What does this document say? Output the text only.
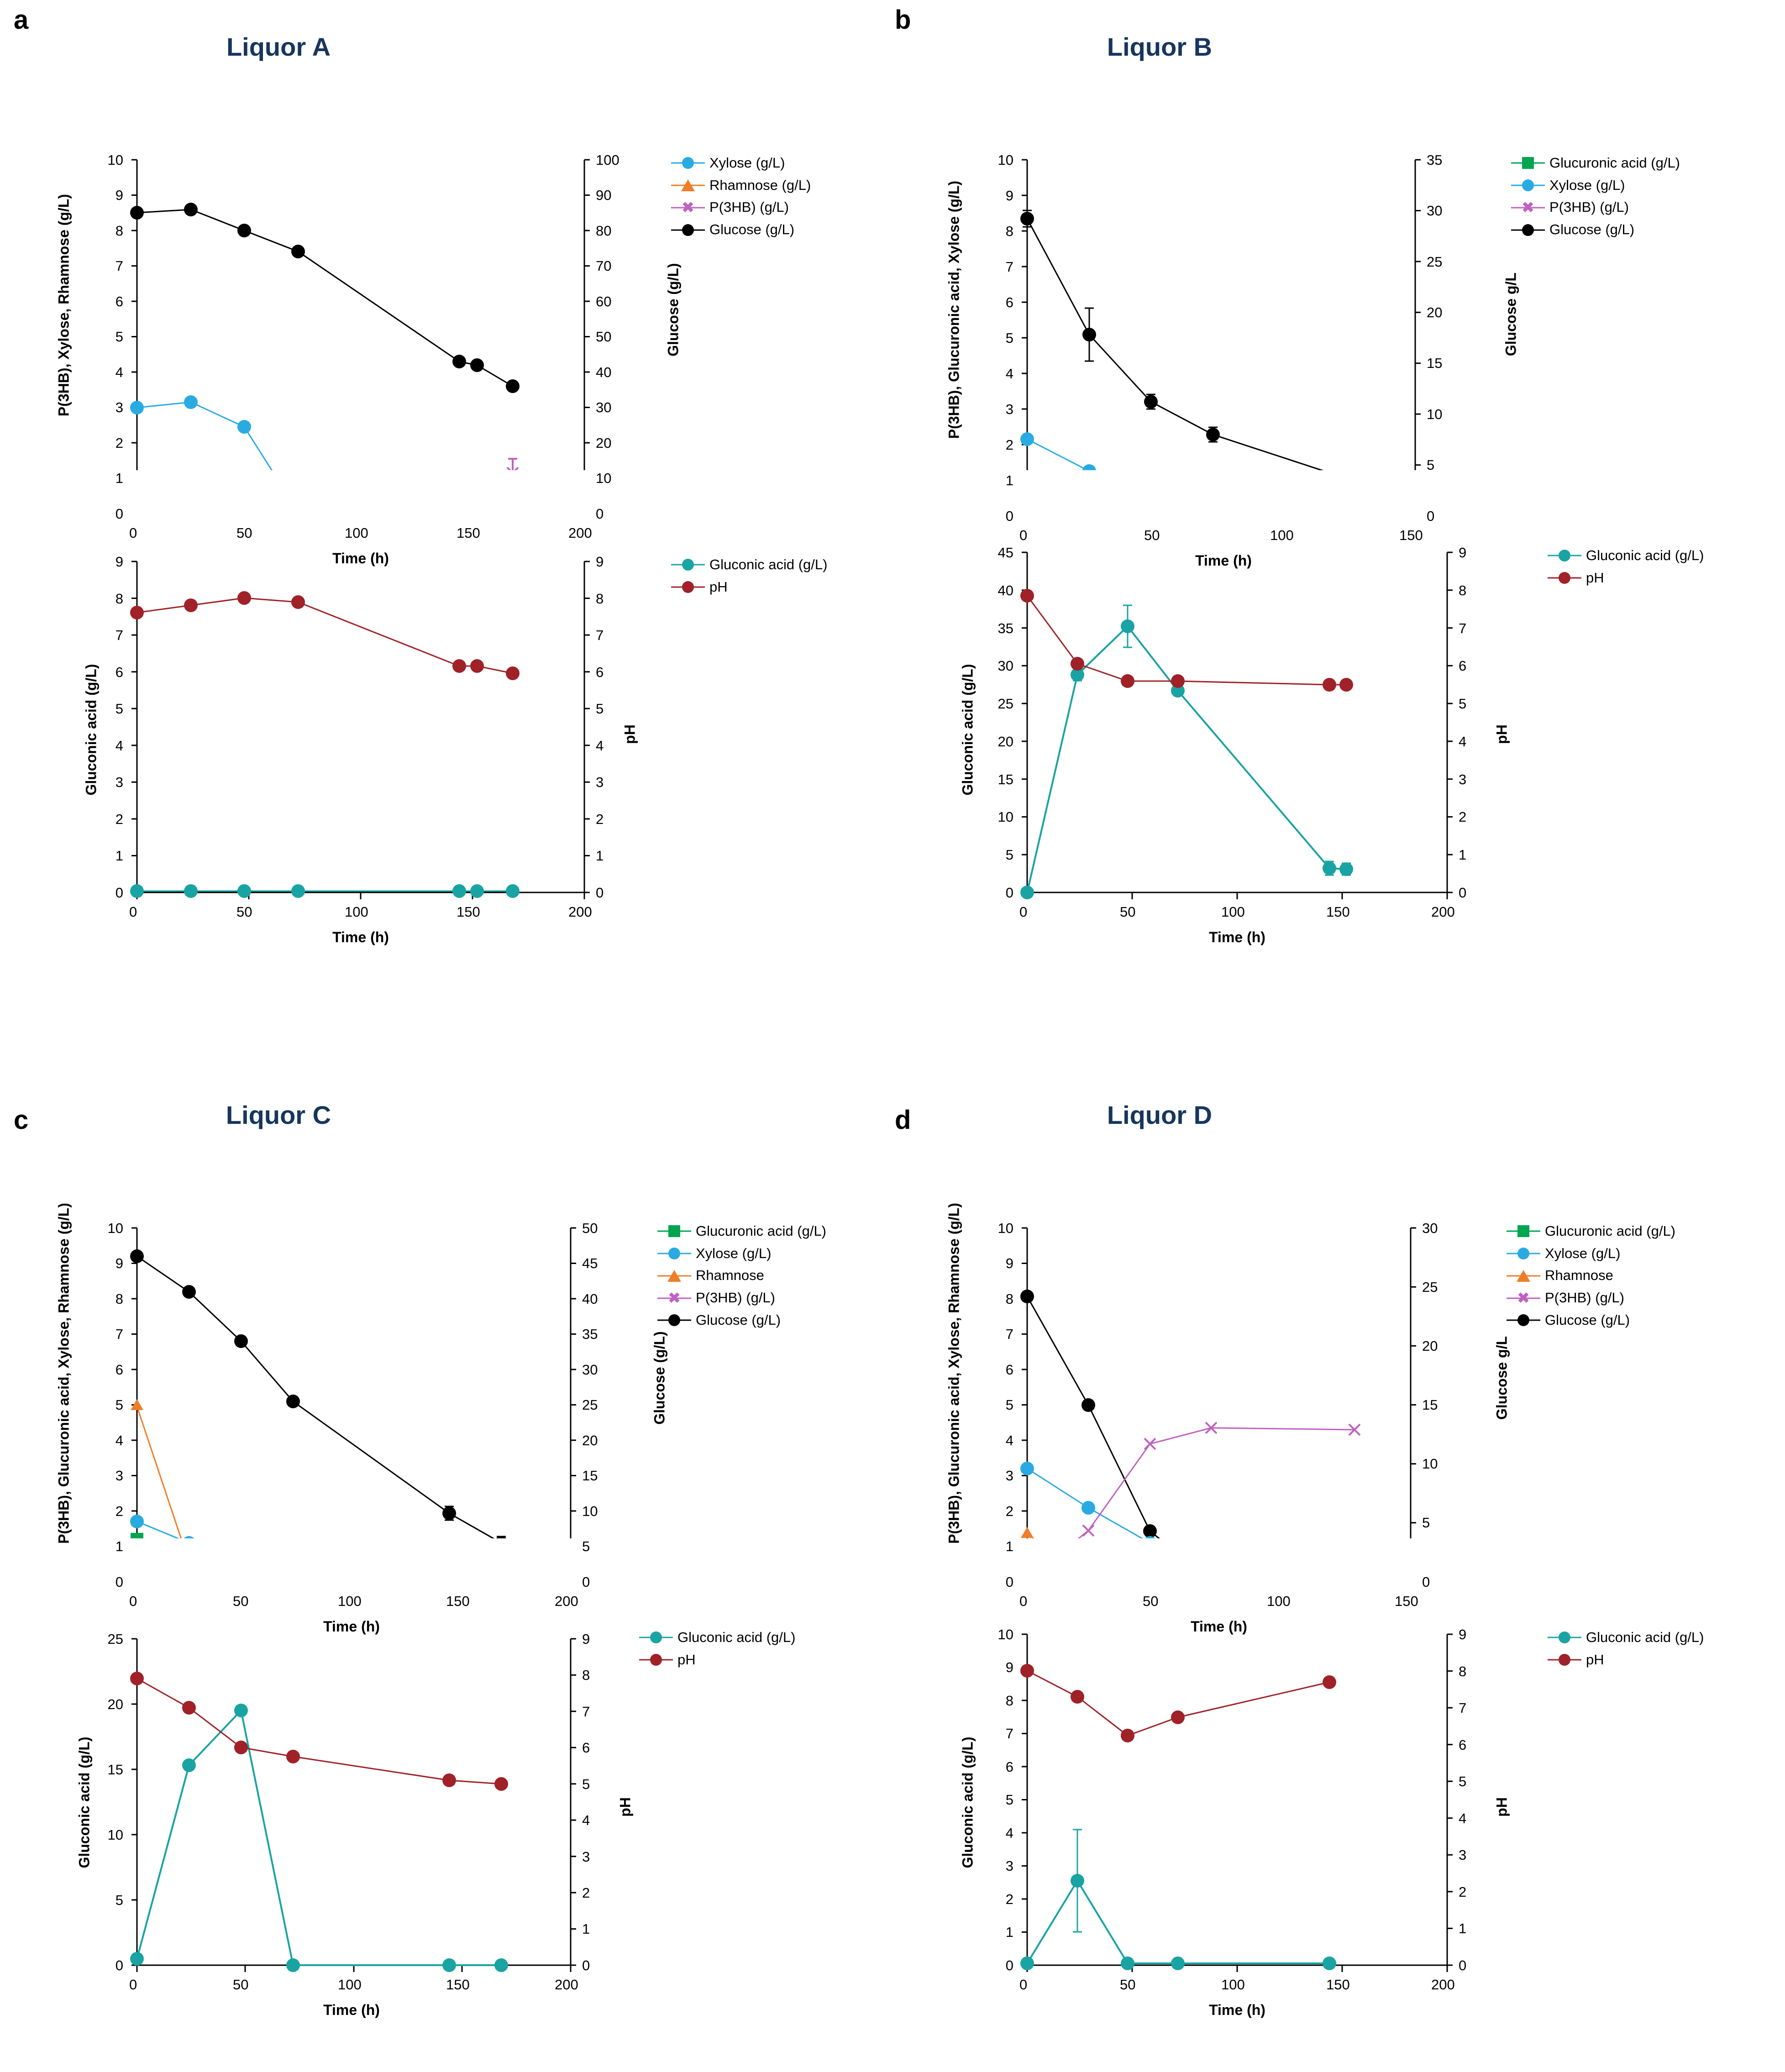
a
Liquor A
0
1
2
3
4
5
6
7
8
9
10
0
10
20
30
40
50
60
70
80
90
100
0	50	100	150	200
Time (h)
P(3HB), Xylose, Rhamnose (g/L)	Glucose (g/L)
Xylose (g/L)
Rhamnose (g/L)
✖ P(3HB) (g/L)
Glucose (g/L)
0
1
2
3
4
5
6
7
8
9
0
1
2
3
4
5
6
7
8
9
0	50	100	150	200
Time (h)
Gluconic acid (g/L)	pH
Gluconic acid (g/L)
pH
b
Liquor B
0
1
2
3
4
5
6
7
8
9
10
0
5
10
15
20
25
30
35
0	50	100	150
Time (h)
P(3HB), Glucuronic acid, Xylose (g/L)	Glucose g/L
Glucuronic acid (g/L)
Xylose (g/L)
✖ P(3HB) (g/L)
Glucose (g/L)
0
5
10
15
20
25
30
35
40
45
0
1
2
3
4
5
6
7
8
9
0	50	100	150	200
Time (h)
Gluconic acid (g/L)	pH
Gluconic acid (g/L)
pH
c	Liquor C
0
1
2
3
4
5
6
7
8
9
10
0
5
10
15
20
25
30
35
40
45
50
0	50	100	150	200
Time (h)
P(3HB), Glucuronic acid, Xylose, Rhamnose (g/L)	Glucose (g/L)
Glucuronic acid (g/L)
Xylose (g/L)
Rhamnose
✖ P(3HB) (g/L)
Glucose (g/L)
0
5
10
15
20
25
0
1
2
3
4
5
6
7
8
9
0	50	100	150	200
Time (h)
Gluconic acid (g/L)	pH
Gluconic acid (g/L)
pH
d	Liquor D
0
1
2
3
4
5
6
7
8
9
10
0
5
10
15
20
25
30
0	50	100	150
Time (h)
P(3HB), Glucuronic acid, Xylose, Rhamnose (g/L)	Glucose g/L
Glucuronic acid (g/L)
Xylose (g/L)
Rhamnose
✖ P(3HB) (g/L)
Glucose (g/L)
0
1
2
3
4
5
6
7
8
9
10
0
1
2
3
4
5
6
7
8
9
0	50	100	150	200
Time (h)
Gluconic acid (g/L)	pH
Gluconic acid (g/L)
pH
